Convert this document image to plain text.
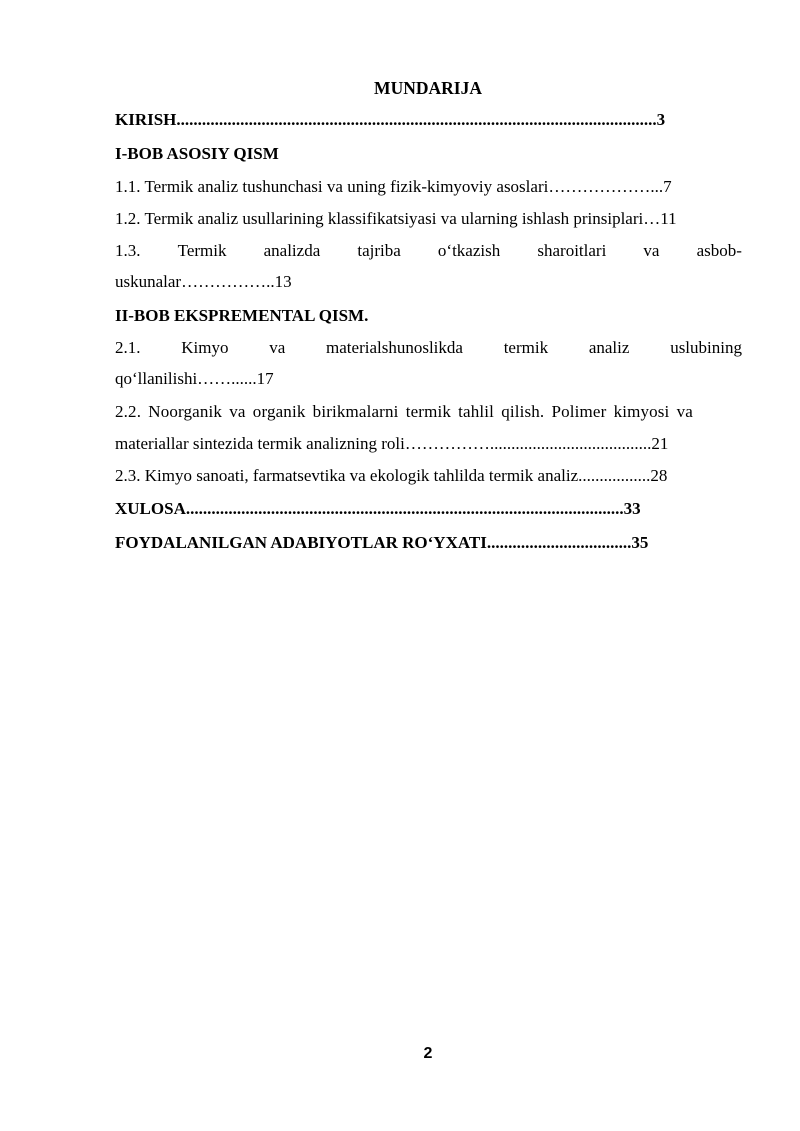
MUNDARIJA
KIRISH.................................................................................................................3
I-BOB ASOSIY QISM
1.1. Termik analiz tushunchasi va uning fizik-kimyoviy asoslari………………...7
1.2. Termik analiz usullarining klassifikatsiyasi va ularning ishlash prinsiplari…11
1.3. Termik analizda tajriba o‘tkazish sharoitlari va asbob-
uskunalar……………..13
II-BOB EKSPREMENTAL QISM.
2.1. Kimyo va materialshunoslikda termik analiz uslubining
qo‘llanilishi……......17
2.2. Noorganik va organik birikmalarni termik tahlil qilish. Polimer kimyosi va
materiallar sintezida termik analizning roli……………......................................21
2.3. Kimyo sanoati, farmatsevtika va ekologik tahlilda termik analiz.................28
XULOSA.......................................................................................................33
FOYDALANILGAN ADABIYOTLAR RO‘YXATI..................................35
2
